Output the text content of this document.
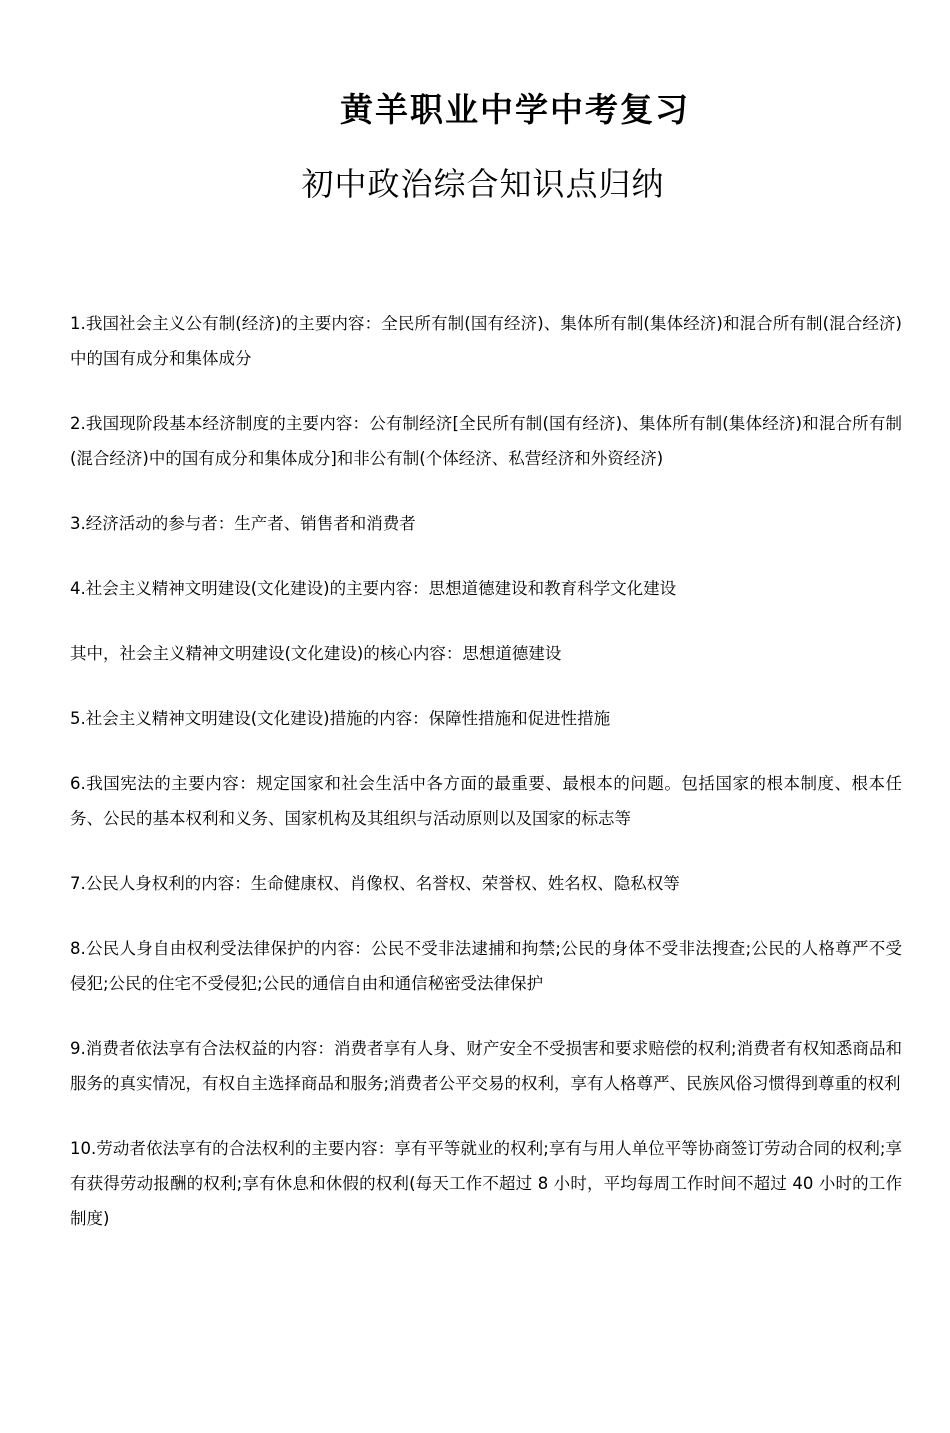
黄羊职业中学中考复习
初中政治综合知识点归纳

1.我国社会主义公有制(经济)的主要内容：全民所有制(国有经济)、集体所有制(集体经济)和混合所有制(混合经济)中的国有成分和集体成分

2.我国现阶段基本经济制度的主要内容：公有制经济[全民所有制(国有经济)、集体所有制(集体经济)和混合所有制(混合经济)中的国有成分和集体成分]和非公有制(个体经济、私营经济和外资经济)

3.经济活动的参与者：生产者、销售者和消费者

4.社会主义精神文明建设(文化建设)的主要内容：思想道德建设和教育科学文化建设

其中，社会主义精神文明建设(文化建设)的核心内容：思想道德建设

5.社会主义精神文明建设(文化建设)措施的内容：保障性措施和促进性措施

6.我国宪法的主要内容：规定国家和社会生活中各方面的最重要、最根本的问题。包括国家的根本制度、根本任务、公民的基本权利和义务、国家机构及其组织与活动原则以及国家的标志等

7.公民人身权利的内容：生命健康权、肖像权、名誉权、荣誉权、姓名权、隐私权等

8.公民人身自由权利受法律保护的内容：公民不受非法逮捕和拘禁;公民的身体不受非法搜查;公民的人格尊严不受侵犯;公民的住宅不受侵犯;公民的通信自由和通信秘密受法律保护

9.消费者依法享有合法权益的内容：消费者享有人身、财产安全不受损害和要求赔偿的权利;消费者有权知悉商品和服务的真实情况，有权自主选择商品和服务;消费者公平交易的权利，享有人格尊严、民族风俗习惯得到尊重的权利

10.劳动者依法享有的合法权利的主要内容：享有平等就业的权利;享有与用人单位平等协商签订劳动合同的权利;享有获得劳动报酬的权利;享有休息和休假的权利(每天工作不超过 8 小时，平均每周工作时间不超过 40 小时的工作制度)
